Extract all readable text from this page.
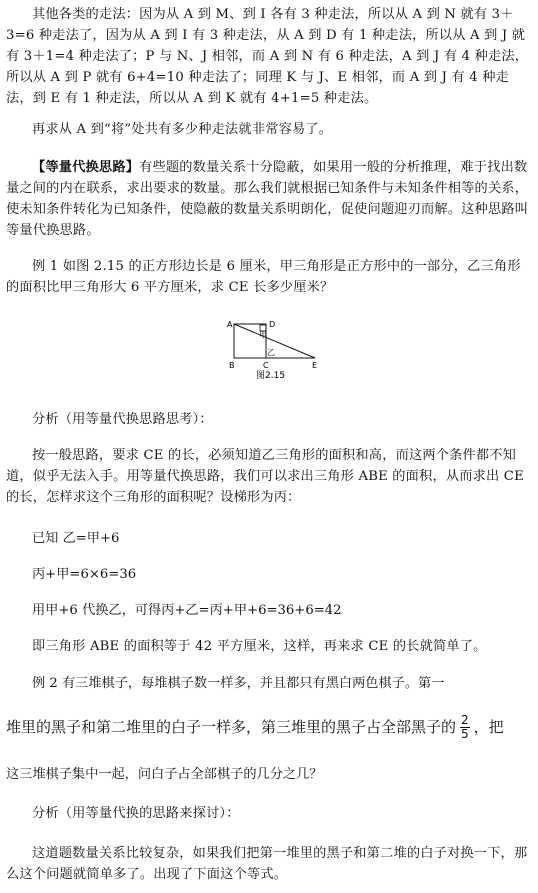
其他各类的走法：因为从 A 到 M、到 I 各有 3 种走法，所以从 A 到 N 就有 3＋3=6 种走法了，因为从 A 到 I 有 3 种走法，从 A 到 D 有 1 种走法，所以从 A 到 J 就有 3＋1=4 种走法了；P 与 N、J 相邻，而 A 到 N 有 6 种走法，A 到 J 有 4 种走法，所以从 A 到 P 就有 6+4=10 种走法了；同理 K 与 J、E 相邻，而 A 到 J 有 4 种走法，到 E 有 1 种走法，所以从 A 到 K 就有 4+1=5 种走法。

再求从 A 到“将”处共有多少种走法就非常容易了。

【等量代换思路】有些题的数量关系十分隐蔽，如果用一般的分析推理，难于找出数量之间的内在联系，求出要求的数量。那么我们就根据已知条件与未知条件相等的关系，使未知条件转化为已知条件，使隐蔽的数量关系明朗化，促使问题迎刃而解。这种思路叫等量代换思路。

例 1 如图 2.15 的正方形边长是 6 厘米，甲三角形是正方形中的一部分，乙三角形的面积比甲三角形大 6 平方厘米，求 CE 长多少厘米？

A	D
B	C	E
甲
乙
图2.15

分析（用等量代换思路思考）：

按一般思路，要求 CE 的长，必须知道乙三角形的面积和高，而这两个条件都不知道，似乎无法入手。用等量代换思路，我们可以求出三角形 ABE 的面积，从而求出 CE 的长，怎样求这个三角形的面积呢？设梯形为丙：

已知 乙=甲+6
丙+甲=6×6=36
用甲+6 代换乙，可得丙+乙=丙+甲+6=36+6=42

即三角形 ABE 的面积等于 42 平方厘米，这样，再来求 CE 的长就简单了。

例 2 有三堆棋子，每堆棋子数一样多，并且都只有黑白两色棋子。第一
堆里的黑子和第二堆里的白子一样多，第三堆里的黑子占全部黑子的 $\frac{2}{5}$ ，把
这三堆棋子集中一起，问白子占全部棋子的几分之几？

分析（用等量代换的思路来探讨）：

这道题数量关系比较复杂，如果我们把第一堆里的黑子和第二堆的白子对换一下，那么这个问题就简单多了。出现了下面这个等式。
